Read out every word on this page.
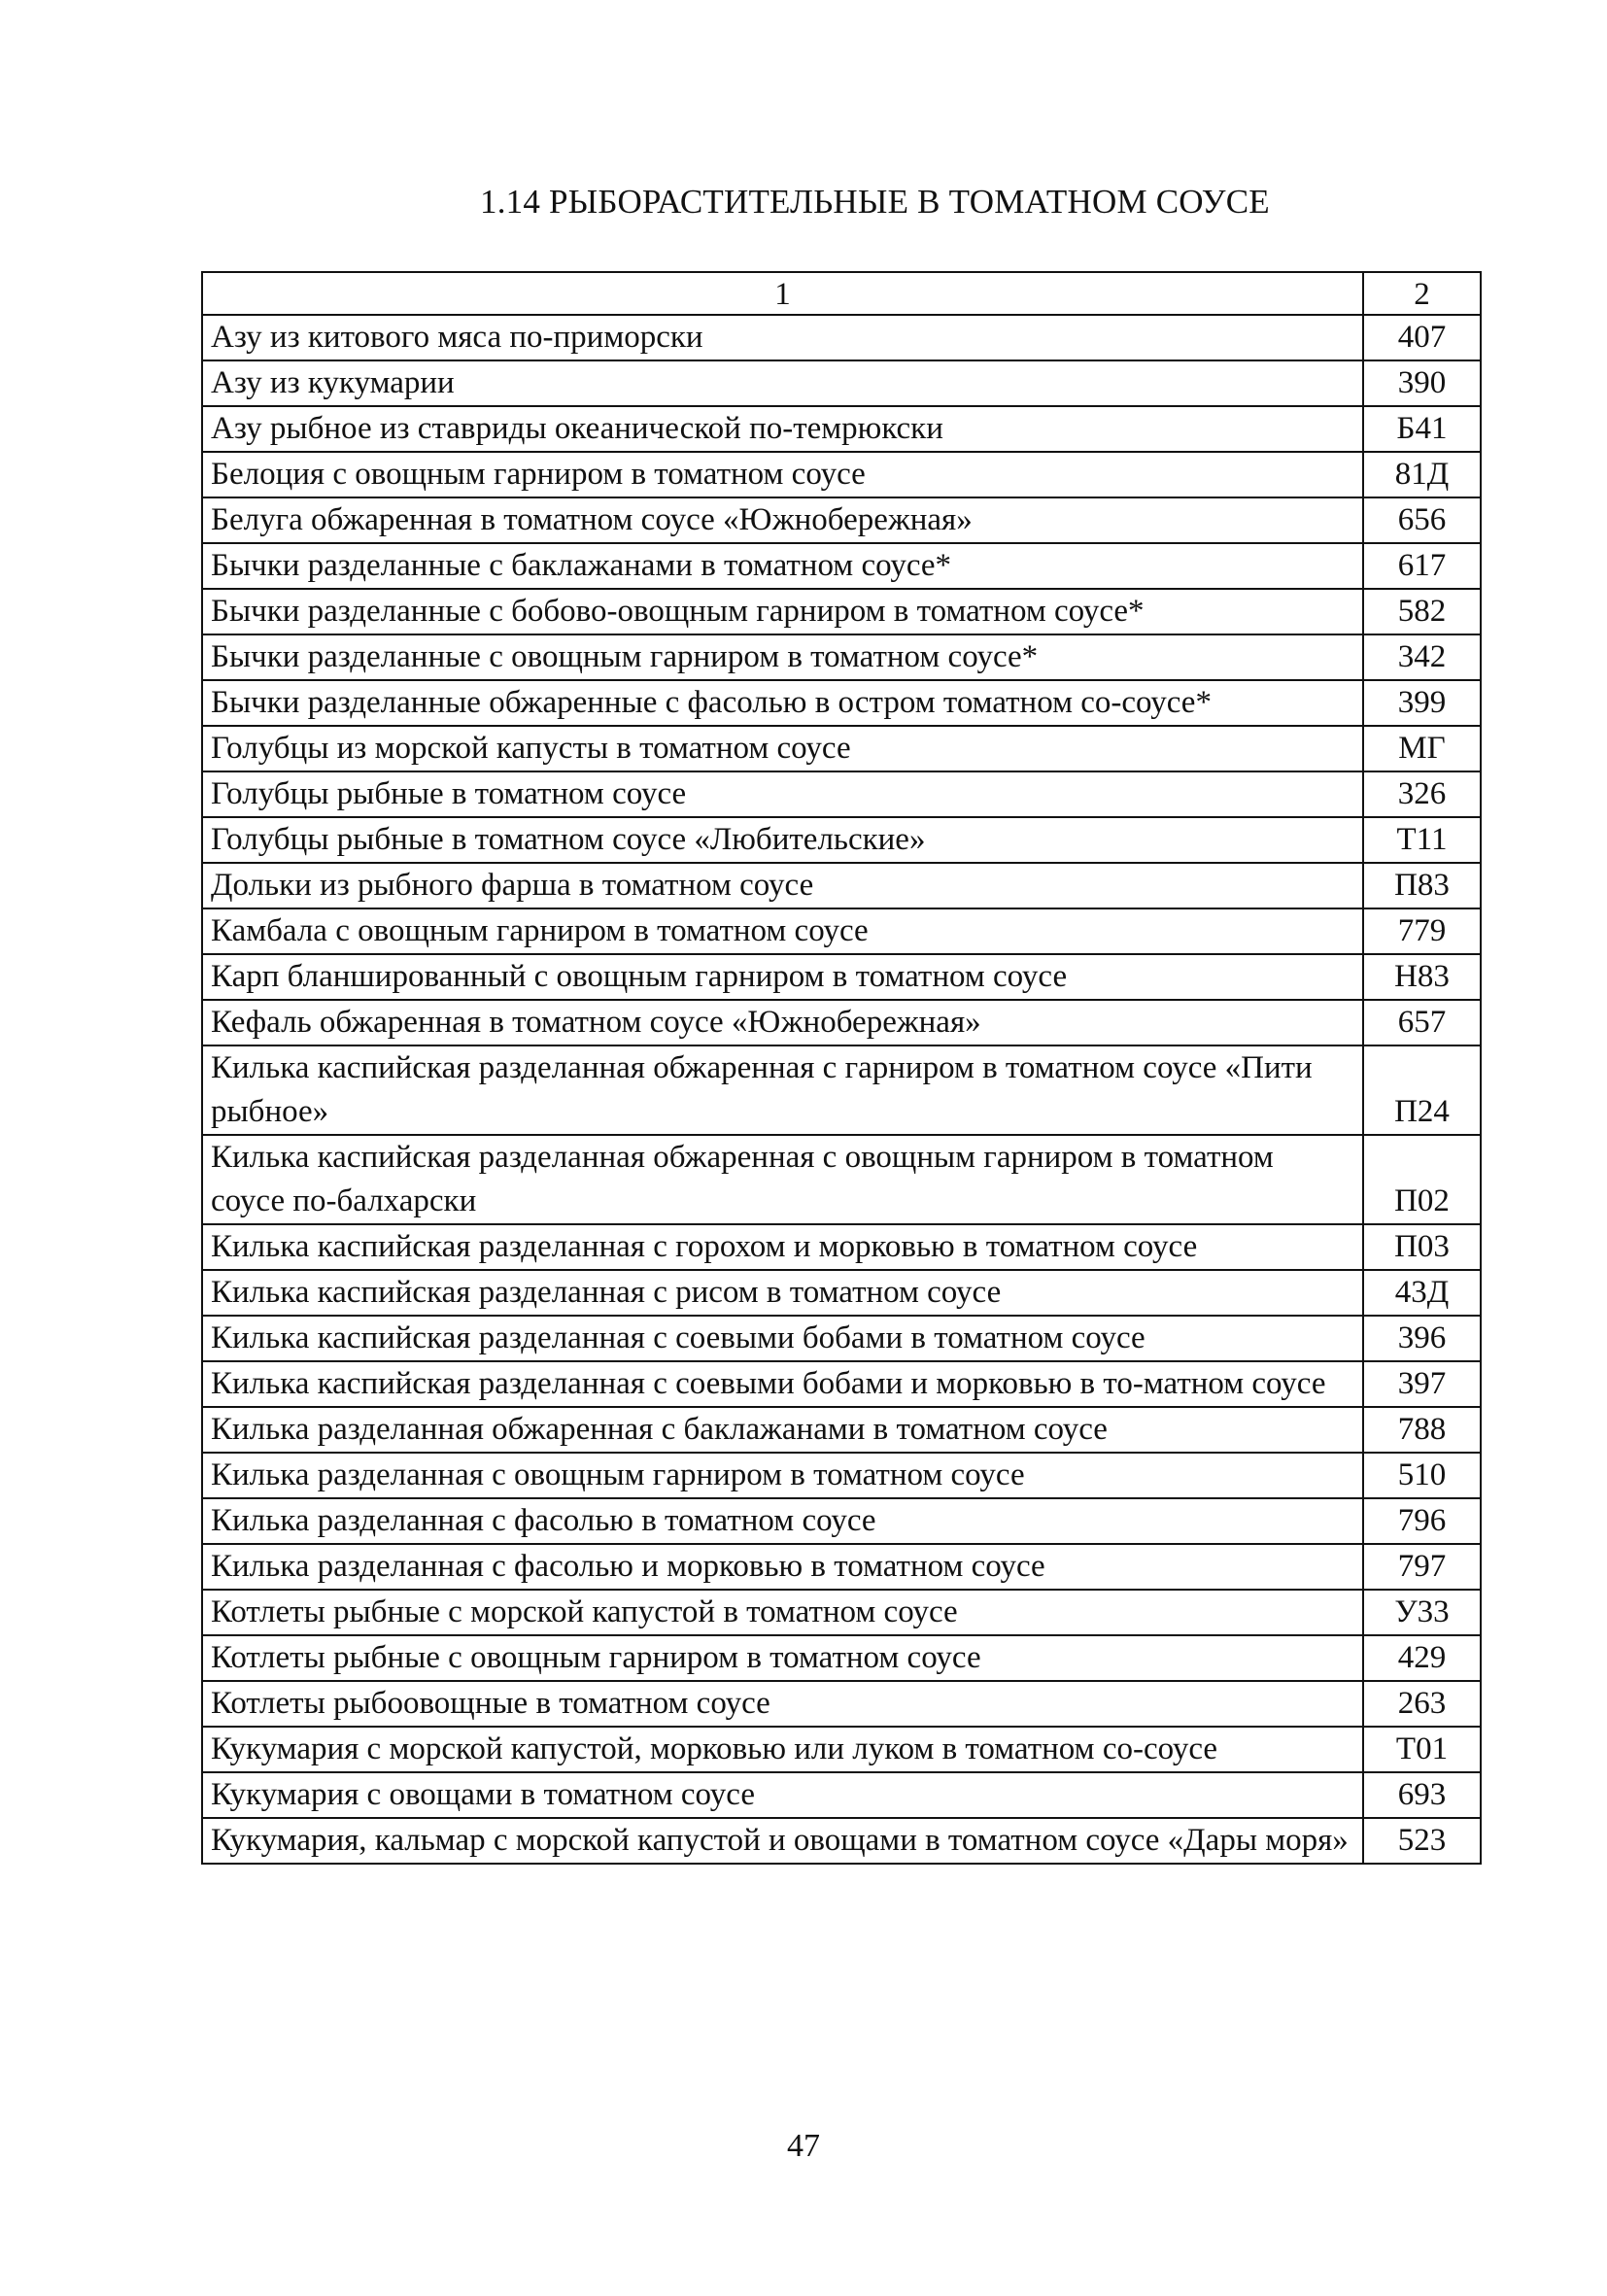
1.14 РЫБОРАСТИТЕЛЬНЫЕ В ТОМАТНОМ СОУСЕ
1	2
Азу из китового мяса по-приморски	407
Азу из кукумарии	390
Азу рыбное из ставриды океанической по-темрюкски	Б41
Белоция с овощным гарниром в томатном соусе	81Д
Белуга обжаренная в томатном соусе «Южнобережная»	656
Бычки разделанные с баклажанами в томатном соусе*	617
Бычки разделанные с бобово-овощным гарниром в томатном соусе*	582
Бычки разделанные с овощным гарниром в томатном соусе*	342
Бычки разделанные обжаренные с фасолью в остром томатном со-соусе*	399
Голубцы из морской капусты в томатном соусе	МГ
Голубцы рыбные в томатном соусе	326
Голубцы рыбные в томатном соусе «Любительские»	Т11
Дольки из рыбного фарша в томатном соусе	П83
Камбала с овощным гарниром в томатном соусе	779
Карп бланшированный с овощным гарниром в томатном соусе	Н83
Кефаль обжаренная в томатном соусе «Южнобережная»	657
Килька каспийская разделанная обжаренная с гарниром в томатном соусе «Пити рыбное»	П24
Килька каспийская разделанная обжаренная с овощным гарниром в томатном соусе по-балхарски	П02
Килька каспийская разделанная с горохом и морковью в томатном соусе	П03
Килька каспийская разделанная с рисом в томатном соусе	43Д
Килька каспийская разделанная с соевыми бобами в томатном соусе	396
Килька каспийская разделанная с соевыми бобами и морковью в то-матном соусе	397
Килька разделанная обжаренная с баклажанами в томатном соусе	788
Килька разделанная с овощным гарниром в томатном соусе	510
Килька разделанная с фасолью в томатном соусе	796
Килька разделанная с фасолью и морковью в томатном соусе	797
Котлеты рыбные с морской капустой в томатном соусе	У33
Котлеты рыбные с овощным гарниром в томатном соусе	429
Котлеты рыбоовощные в томатном соусе	263
Кукумария с морской капустой, морковью или луком в томатном со-соусе	Т01
Кукумария с овощами в томатном соусе	693
Кукумария, кальмар с морской капустой и овощами в томатном соусе «Дары моря»	523
47
